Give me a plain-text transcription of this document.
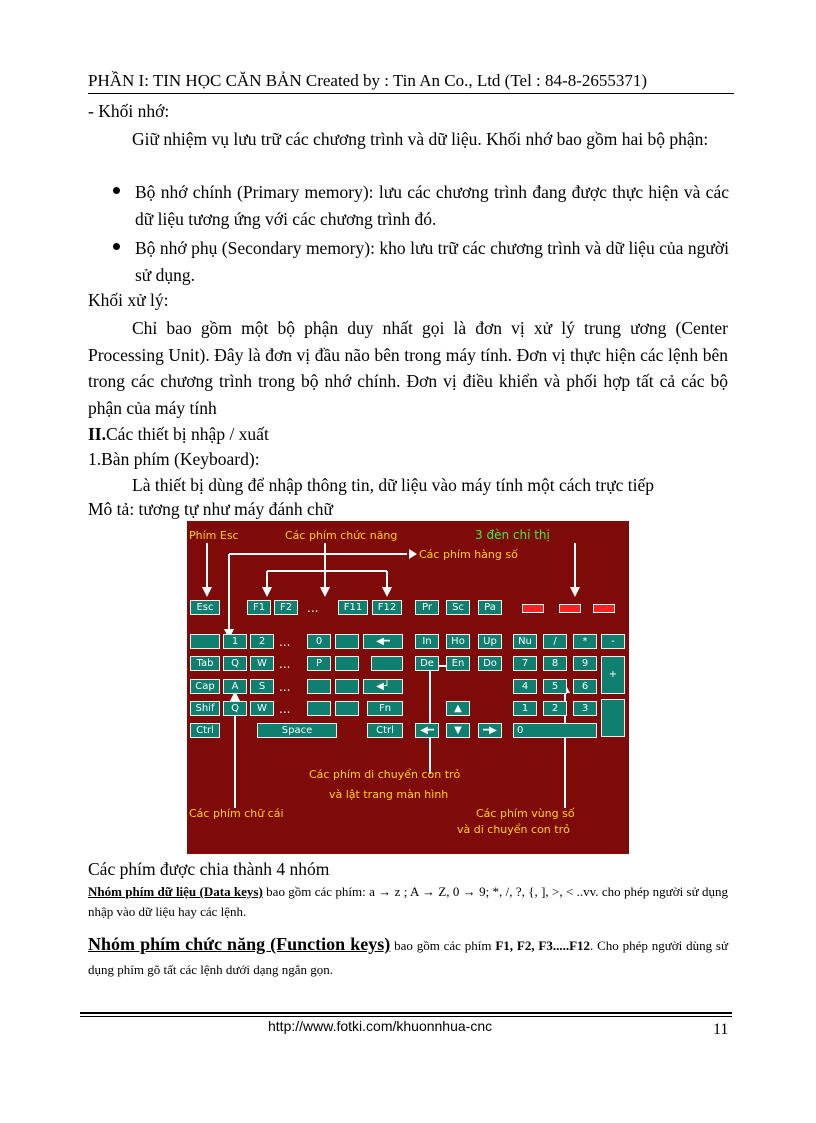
PHẦN I: TIN HỌC CĂN BẢN Created by : Tin An Co., Ltd (Tel : 84-8-2655371)
- Khối nhớ:
Giữ nhiệm vụ lưu trữ các chương trình và dữ liệu. Khối nhớ bao gồm hai bộ phận:
Bộ nhớ chính (Primary memory): lưu các chương trình đang được thực hiện và các dữ liệu tương ứng với các chương trình đó.
Bộ nhớ phụ (Secondary memory): kho lưu trữ các chương trình và dữ liệu của người sử dụng.
Khối xử lý:
Chỉ bao gồm một bộ phận duy nhất gọi là đơn vị xử lý trung ương (Center Processing Unit). Đây là đơn vị đầu não bên trong máy tính. Đơn vị thực hiện các lệnh bên trong các chương trình trong bộ nhớ chính. Đơn vị điều khiển và phối hợp tất cả các bộ phận của máy tính
II.Các thiết bị nhập / xuất
1.Bàn phím (Keyboard):
Là thiết bị dùng để nhập thông tin, dữ liệu vào máy tính một cách trực tiếp
Mô tả: tương tự như máy đánh chữ
Phím Esc	Các phím chức năng	3 đèn chỉ thị
Các phím hàng số
Esc	F1	F2	...	F11	F12	Pr	Sc	Pa
1	2	...	0	◀━	In	Ho	Up	Nu	/	*	-
Tab	Q	W	...	P	De	En	Do	7	8	9
+
Cap	A	S	...	◀┘	4	5	6
Shif	Q	W	...	Fn	▲	1	2	3
Ctrl	Space	Ctrl	◀━	▼	━▶	0
Các phím di chuyển con trỏ
và lật trang màn hình
Các phím chữ cái	Các phím vùng số
và di chuyển con trỏ
Các phím được chia thành 4 nhóm
Nhóm phím dữ liệu (Data keys) bao gồm các phím: a → z ; A → Z, 0 → 9; *, /, ?, {, ], >, < ..vv. cho phép người sử dụng nhập vào dữ liệu hay các lệnh.
Nhóm phím chức năng (Function keys) bao gồm các phím F1, F2, F3.....F12. Cho phép người dùng sử dụng phím gõ tất các lệnh dưới dạng ngắn gọn.
http://www.fotki.com/khuonnhua-cnc	11
